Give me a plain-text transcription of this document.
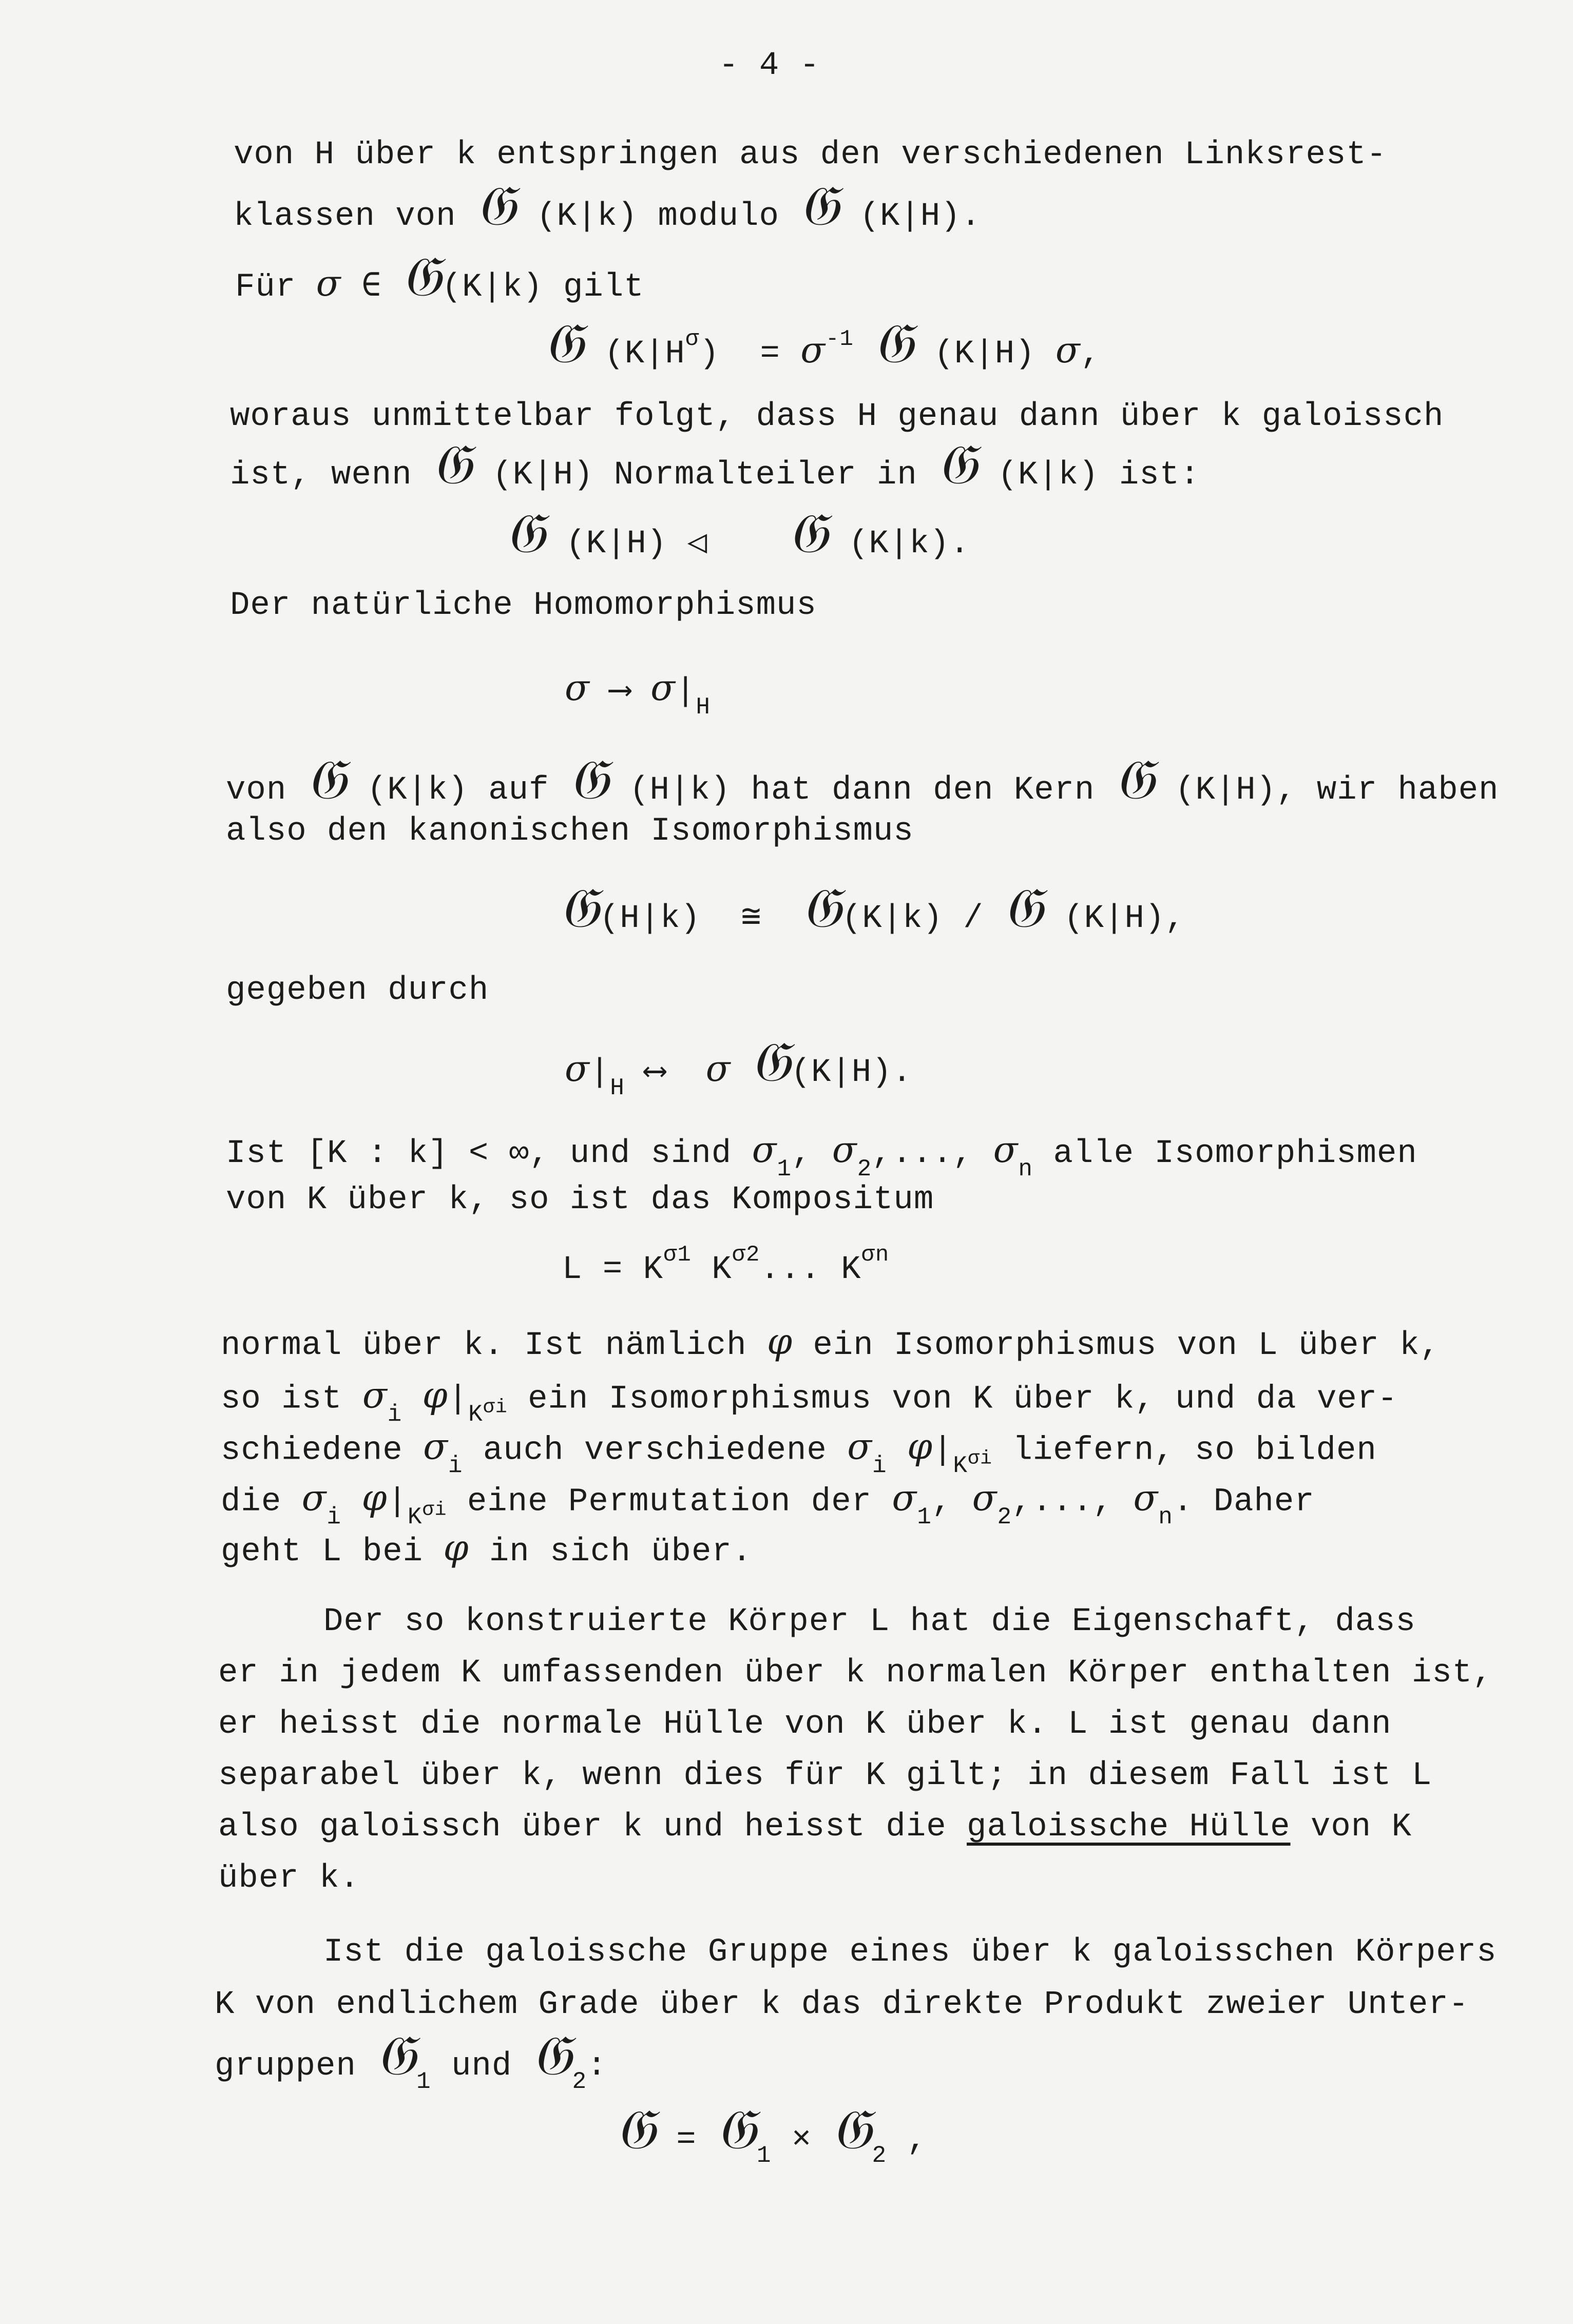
- 4 -
von H über k entspringen aus den verschiedenen Linksrest-
klassen von 𝔊 (K|k) modulo 𝔊 (K|H).
Für σ ∈ 𝔊(K|k) gilt
𝔊 $(K|H^\sigma) = \sigma^{-1}$ 𝔊 (K|H) σ,
woraus unmittelbar folgt, dass H genau dann über k galoissch
ist, wenn 𝔊 (K|H) Normalteiler in 𝔊 (K|k) ist:
𝔊 (K|H) ◁    𝔊 (K|k).
Der natürliche Homomorphismus
σ ⟶ $\sigma|_H$
von 𝔊 (K|k) auf 𝔊 (H|k) hat dann den Kern 𝔊 (K|H), wir haben
also den kanonischen Isomorphismus
𝔊(H|k)  ≅  𝔊(K|k) / 𝔊 (K|H),
gegeben durch
$\sigma|_H$ ⟷  σ 𝔊(K|H).
Ist [K : k] < ∞, und sind $\sigma_1$, $\sigma_2$,..., $\sigma_n$ alle Isomorphismen
von K über k, so ist das Kompositum
$L = K^{\sigma 1}$ $K^{\sigma 2}$... $K^{\sigma n}$
normal über k. Ist nämlich φ ein Isomorphismus von L über k,
so ist $\sigma_i$ $\varphi|_{K^{\sigma i}}$ ein Isomorphismus von K über k, und da ver-
schiedene $\sigma_i$ auch verschiedene $\sigma_i$ $\varphi|_{K^{\sigma i}}$ liefern, so bilden
die $\sigma_i$ $\varphi|_{K^{\sigma i}}$ eine Permutation der $\sigma_1$, $\sigma_2$,..., $\sigma_n$. Daher
geht L bei φ in sich über.
Der so konstruierte Körper L hat die Eigenschaft, dass
er in jedem K umfassenden über k normalen Körper enthalten ist,
er heisst die normale Hülle von K über k. L ist genau dann
separabel über k, wenn dies für K gilt; in diesem Fall ist L
also galoissch über k und heisst die galoissche Hülle von K
über k.
Ist die galoissche Gruppe eines über k galoisschen Körpers
K von endlichem Grade über k das direkte Produkt zweier Unter-
gruppen 𝔊$_1$ und 𝔊$_2$:
𝔊 = 𝔊$_1$ × 𝔊$_2$ ,
